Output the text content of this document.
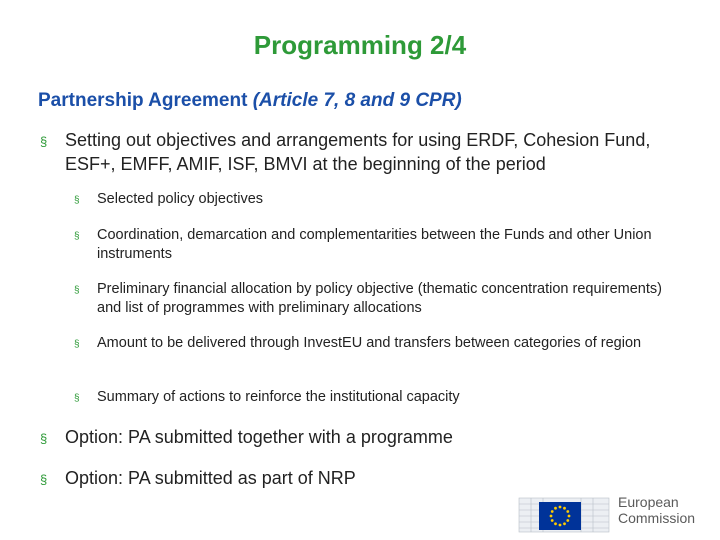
Programming 2/4

Partnership Agreement (Article 7, 8 and 9 CPR)

§ Setting out objectives and arrangements for using ERDF, Cohesion Fund, ESF+, EMFF, AMIF, ISF, BMVI at the beginning of the period
§ Selected policy objectives
§ Coordination, demarcation and complementarities between the Funds and other Union instruments
§ Preliminary financial allocation by policy objective (thematic concentration requirements) and list of programmes with preliminary allocations
§ Amount to be delivered through InvestEU and transfers between categories of region
§ Summary of actions to reinforce the institutional capacity
§ Option: PA submitted together with a programme
§ Option: PA submitted as part of NRP
European
Commission
